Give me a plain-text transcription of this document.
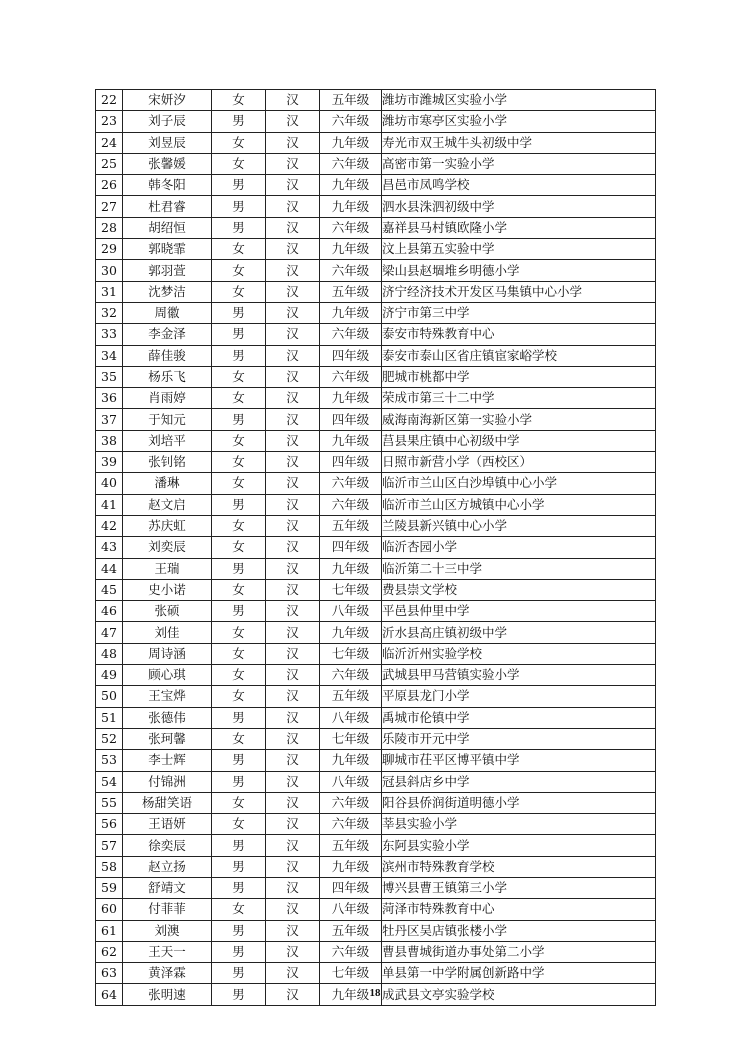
22	宋妍汐	女	汉	五年级	潍坊市潍城区实验小学
23	刘子辰	男	汉	六年级	潍坊市寒亭区实验小学
24	刘昱辰	女	汉	九年级	寿光市双王城牛头初级中学
25	张馨媛	女	汉	六年级	高密市第一实验小学
26	韩冬阳	男	汉	九年级	昌邑市凤鸣学校
27	杜君睿	男	汉	九年级	泗水县洙泗初级中学
28	胡绍恒	男	汉	六年级	嘉祥县马村镇欧隆小学
29	郭晓霏	女	汉	九年级	汶上县第五实验中学
30	郭羽萱	女	汉	六年级	梁山县赵堌堆乡明德小学
31	沈梦洁	女	汉	五年级	济宁经济技术开发区马集镇中心小学
32	周徽	男	汉	九年级	济宁市第三中学
33	李金泽	男	汉	六年级	泰安市特殊教育中心
34	薛佳骏	男	汉	四年级	泰安市泰山区省庄镇宦家峪学校
35	杨乐飞	女	汉	六年级	肥城市桃都中学
36	肖雨婷	女	汉	九年级	荣成市第三十二中学
37	于知元	男	汉	四年级	威海南海新区第一实验小学
38	刘培平	女	汉	九年级	莒县果庄镇中心初级中学
39	张钊铭	女	汉	四年级	日照市新营小学（西校区）
40	潘琳	女	汉	六年级	临沂市兰山区白沙埠镇中心小学
41	赵文启	男	汉	六年级	临沂市兰山区方城镇中心小学
42	苏庆虹	女	汉	五年级	兰陵县新兴镇中心小学
43	刘奕辰	女	汉	四年级	临沂杏园小学
44	王瑞	男	汉	九年级	临沂第二十三中学
45	史小诺	女	汉	七年级	费县崇文学校
46	张硕	男	汉	八年级	平邑县仲里中学
47	刘佳	女	汉	九年级	沂水县高庄镇初级中学
48	周诗涵	女	汉	七年级	临沂沂州实验学校
49	顾心琪	女	汉	六年级	武城县甲马营镇实验小学
50	王宝烨	女	汉	五年级	平原县龙门小学
51	张德伟	男	汉	八年级	禹城市伦镇中学
52	张珂馨	女	汉	七年级	乐陵市开元中学
53	李士辉	男	汉	九年级	聊城市茌平区博平镇中学
54	付锦洲	男	汉	八年级	冠县斜店乡中学
55	杨甜笑语	女	汉	六年级	阳谷县侨润街道明德小学
56	王语妍	女	汉	六年级	莘县实验小学
57	徐奕辰	男	汉	五年级	东阿县实验小学
58	赵立扬	男	汉	九年级	滨州市特殊教育学校
59	舒靖文	男	汉	四年级	博兴县曹王镇第三小学
60	付菲菲	女	汉	八年级	菏泽市特殊教育中心
61	刘澳	男	汉	五年级	牡丹区吴店镇张楼小学
62	王天一	男	汉	六年级	曹县曹城街道办事处第二小学
63	黄泽霖	男	汉	七年级	单县第一中学附属创新路中学
64	张明速	男	汉	九年级	成武县文亭实验学校
18
